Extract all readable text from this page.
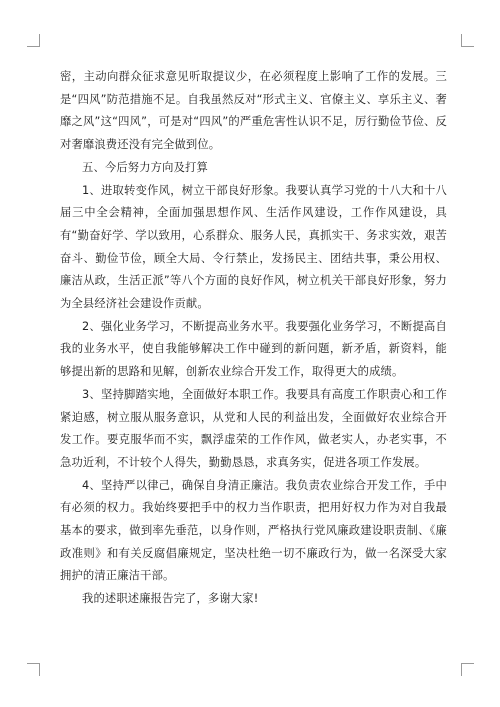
密，主动向群众征求意见听取提议少，在必须程度上影响了工作的发展。三是“四风”防范措施不足。自我虽然反对“形式主义、官僚主义、享乐主义、奢靡之风”这“四风”，可是对“四风”的严重危害性认识不足，厉行勤俭节俭、反对奢靡浪费还没有完全做到位。

五、今后努力方向及打算

1、进取转变作风，树立干部良好形象。我要认真学习党的十八大和十八届三中全会精神，全面加强思想作风、生活作风建设，工作作风建设，具有“勤奋好学、学以致用，心系群众、服务人民，真抓实干、务求实效，艰苦奋斗、勤俭节俭，顾全大局、令行禁止，发扬民主、团结共事，秉公用权、廉洁从政，生活正派”等八个方面的良好作风，树立机关干部良好形象，努力为全县经济社会建设作贡献。

2、强化业务学习，不断提高业务水平。我要强化业务学习，不断提高自我的业务水平，使自我能够解决工作中碰到的新问题，新矛盾，新资料，能够提出新的思路和见解，创新农业综合开发工作，取得更大的成绩。

3、坚持脚踏实地，全面做好本职工作。我要具有高度工作职责心和工作紧迫感，树立服从服务意识，从党和人民的利益出发，全面做好农业综合开发工作。要克服华而不实，飘浮虚荣的工作作风，做老实人，办老实事，不急功近利，不计较个人得失，勤勤恳恳，求真务实，促进各项工作发展。

4、坚持严以律己，确保自身清正廉洁。我负责农业综合开发工作，手中有必须的权力。我始终要把手中的权力当作职责，把用好权力作为对自我最基本的要求，做到率先垂范，以身作则，严格执行党风廉政建设职责制、《廉政准则》和有关反腐倡廉规定，坚决杜绝一切不廉政行为，做一名深受大家拥护的清正廉洁干部。

我的述职述廉报告完了，多谢大家!
